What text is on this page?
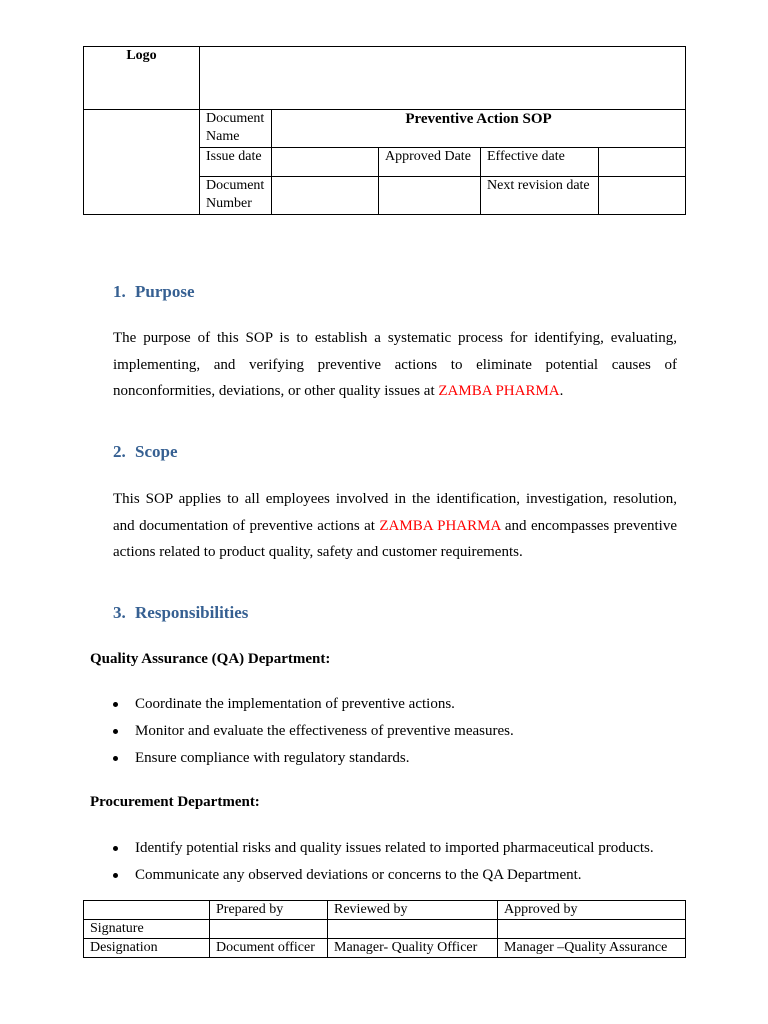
Logo					
	Document Name	Preventive Action SOP			
	Issue date		Approved Date	Effective date	
	Document Number			Next revision date	
1. Purpose

The purpose of this SOP is to establish a systematic process for identifying, evaluating, implementing, and verifying preventive actions to eliminate potential causes of nonconformities, deviations, or other quality issues at ZAMBA PHARMA.

2. Scope

This SOP applies to all employees involved in the identification, investigation, resolution, and documentation of preventive actions at ZAMBA PHARMA and encompasses preventive actions related to product quality, safety and customer requirements.

3. Responsibilities

Quality Assurance (QA) Department:

Coordinate the implementation of preventive actions.
Monitor and evaluate the effectiveness of preventive measures.
Ensure compliance with regulatory standards.

Procurement Department:

Identify potential risks and quality issues related to imported pharmaceutical products.
Communicate any observed deviations or concerns to the QA Department.
	Prepared by	Reviewed by	Approved by
Signature			
Designation	Document officer	Manager- Quality Officer	Manager –Quality Assurance
